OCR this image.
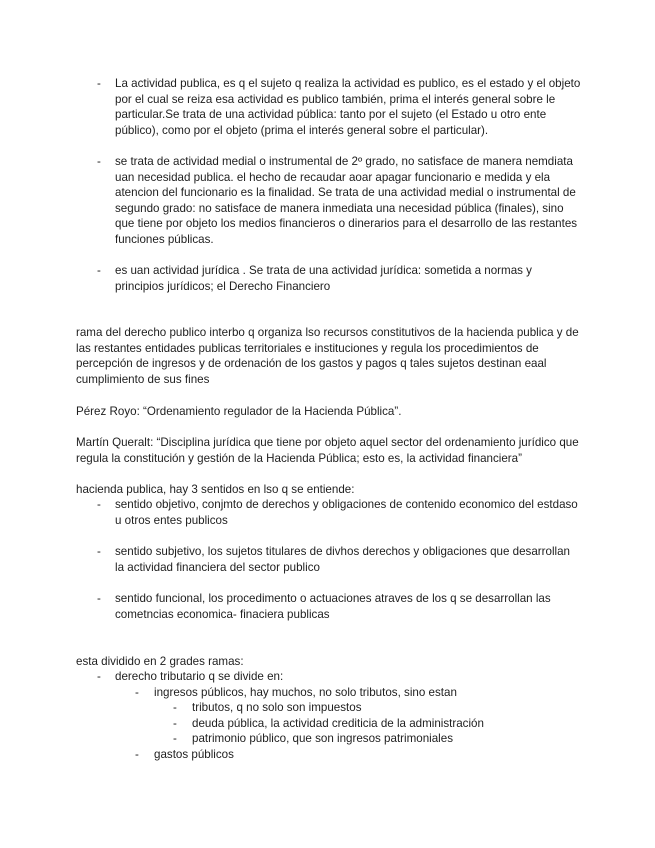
- La actividad publica, es q el sujeto q realiza la actividad es publico, es el estado y el objeto por el cual se reiza esa actividad es publico también, prima el interés general sobre le particular.Se trata de una actividad pública: tanto por el sujeto (el Estado u otro ente público), como por el objeto (prima el interés general sobre el particular).
- se trata de actividad medial o instrumental de 2º grado, no satisface de manera nemdiata uan necesidad publica. el hecho de recaudar aoar apagar funcionario e medida y ela atencion del funcionario es la finalidad. Se trata de una actividad medial o instrumental de segundo grado: no satisface de manera inmediata una necesidad pública (finales), sino que tiene por objeto los medios financieros o dinerarios para el desarrollo de las restantes funciones públicas.
- es uan actividad jurídica . Se trata de una actividad jurídica: sometida a normas y principios jurídicos; el Derecho Financiero
rama del derecho publico interbo q organiza lso recursos constitutivos de la hacienda publica y de las restantes entidades publicas territoriales e instituciones y regula los procedimientos de percepción de ingresos y de ordenación de los gastos y pagos q tales sujetos destinan eaal cumplimiento de sus fines
Pérez Royo: “Ordenamiento regulador de la Hacienda Pública”.
Martín Queralt: “Disciplina jurídica que tiene por objeto aquel sector del ordenamiento jurídico que regula la constitución y gestión de la Hacienda Pública; esto es, la actividad financiera”
hacienda publica, hay 3 sentidos en lso q se entiende:
- sentido objetivo, conjmto de derechos y obligaciones de contenido economico del estdaso u otros entes publicos
- sentido subjetivo, los sujetos titulares de divhos derechos y obligaciones que desarrollan la actividad financiera del sector publico
- sentido funcional, los procedimento o actuaciones atraves de los q se desarrollan las cometncias economica- finaciera publicas
esta dividido en 2 grades ramas:
- derecho tributario q se divide en:
- ingresos públicos, hay muchos, no solo tributos, sino estan
- tributos, q no solo son impuestos
- deuda pública, la actividad crediticia de la administración
- patrimonio público, que son ingresos patrimoniales
- gastos públicos
